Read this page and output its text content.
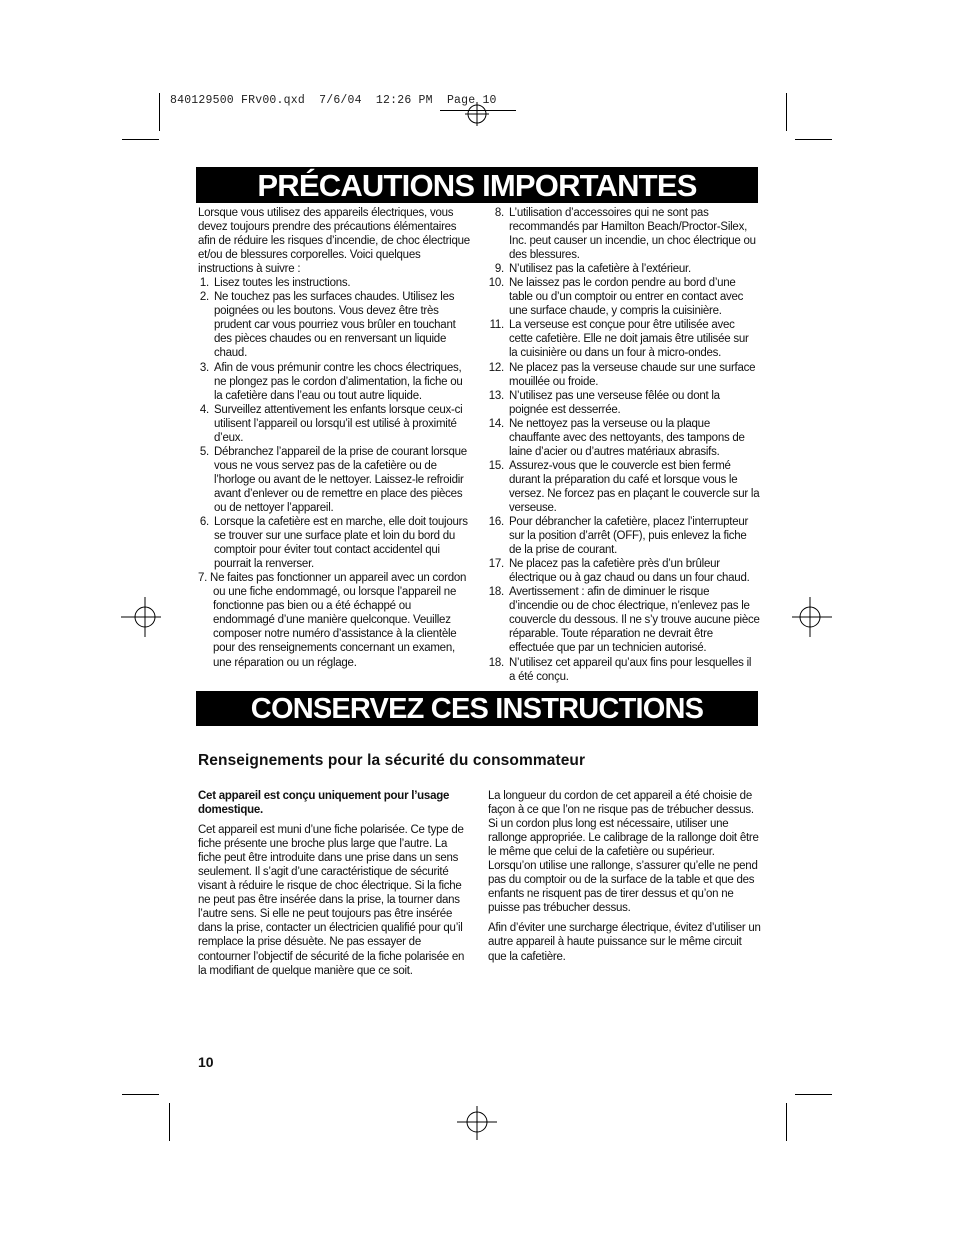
840129500 FRv00.qxd  7/6/04  12:26 PM  Page 10
PRÉCAUTIONS IMPORTANTES

Lorsque vous utilisez des appareils électriques, vous devez toujours prendre des précautions élémentaires afin de réduire les risques d’incendie, de choc électrique et/ou de blessures corporelles. Voici quelques instructions à suivre :

1. Lisez toutes les instructions.
2. Ne touchez pas les surfaces chaudes. Utilisez les poignées ou les boutons. Vous devez être très prudent car vous pourriez vous brûler en touchant des pièces chaudes ou en renversant un liquide chaud.
3. Afin de vous prémunir contre les chocs électriques, ne plongez pas le cordon d’alimentation, la fiche ou la cafetière dans l’eau ou tout autre liquide.
4. Surveillez attentivement les enfants lorsque ceux-ci utilisent l’appareil ou lorsqu’il est utilisé à proximité d’eux.
5. Débranchez l’appareil de la prise de courant lorsque vous ne vous servez pas de la cafetière ou de l’horloge ou avant de le nettoyer. Laissez-le refroidir avant d’enlever ou de remettre en place des pièces ou de nettoyer l’appareil.
6. Lorsque la cafetière est en marche, elle doit toujours se trouver sur une surface plate et loin du bord du comptoir pour éviter tout contact accidentel qui pourrait la renverser.

7. Ne faites pas fonctionner un appareil avec un cordon ou une fiche endommagé, ou lorsque l’appareil ne fonctionne pas bien ou a été échappé ou endommagé d’une manière quelconque. Veuillez composer notre numéro d’assistance à la clientèle pour des renseignements concernant un examen, une réparation ou un réglage.

8. L’utilisation d’accessoires qui ne sont pas recommandés par Hamilton Beach/Proctor-Silex, Inc. peut causer un incendie, un choc électrique ou des blessures.
9. N’utilisez pas la cafetière à l’extérieur.
10. Ne laissez pas le cordon pendre au bord d’une table ou d’un comptoir ou entrer en contact avec une surface chaude, y compris la cuisinière.
11. La verseuse est conçue pour être utilisée avec cette cafetière. Elle ne doit jamais être utilisée sur la cuisinière ou dans un four à micro-ondes.
12. Ne placez pas la verseuse chaude sur une surface mouillée ou froide.
13. N’utilisez pas une verseuse fêlée ou dont la poignée est desserrée.
14. Ne nettoyez pas la verseuse ou la plaque chauffante avec des nettoyants, des tampons de laine d’acier ou d’autres matériaux abrasifs.
15. Assurez-vous que le couvercle est bien fermé durant la préparation du café et lorsque vous le versez. Ne forcez pas en plaçant le couvercle sur la verseuse.
16. Pour débrancher la cafetière, placez l’interrupteur sur la position d’arrêt (OFF), puis enlevez la fiche de la prise de courant.
17. Ne placez pas la cafetière près d’un brûleur électrique ou à gaz chaud ou dans un four chaud.
18. Avertissement : afin de diminuer le risque d’incendie ou de choc électrique, n’enlevez pas le couvercle du dessous. Il ne s’y trouve aucune pièce réparable. Toute réparation ne devrait être effectuée que par un technicien autorisé.
18. N’utilisez cet appareil qu’aux fins pour lesquelles il a été conçu.
CONSERVEZ CES INSTRUCTIONS
Renseignements pour la sécurité du consommateur

Cet appareil est conçu uniquement pour l’usage domestique.

Cet appareil est muni d’une fiche polarisée. Ce type de fiche présente une broche plus large que l’autre. La fiche peut être introduite dans une prise dans un sens seulement. Il s’agit d’une caractéristique de sécurité visant à réduire le risque de choc électrique. Si la fiche ne peut pas être insérée dans la prise, la tourner dans l’autre sens. Si elle ne peut toujours pas être insérée dans la prise, contacter un électricien qualifié pour qu’il remplace la prise désuète. Ne pas essayer de contourner l’objectif de sécurité de la fiche polarisée en la modifiant de quelque manière que ce soit.

La longueur du cordon de cet appareil a été choisie de façon à ce que l’on ne risque pas de trébucher dessus. Si un cordon plus long est nécessaire, utiliser une rallonge appropriée. Le calibrage de la rallonge doit être le même que celui de la cafetière ou supérieur. Lorsqu’on utilise une rallonge, s’assurer qu’elle ne pend pas du comptoir ou de la surface de la table et que des enfants ne risquent pas de tirer dessus et qu’on ne puisse pas trébucher dessus.

Afin d’éviter une surcharge électrique, évitez d’utiliser un autre appareil à haute puissance sur le même circuit que la cafetière.

10
